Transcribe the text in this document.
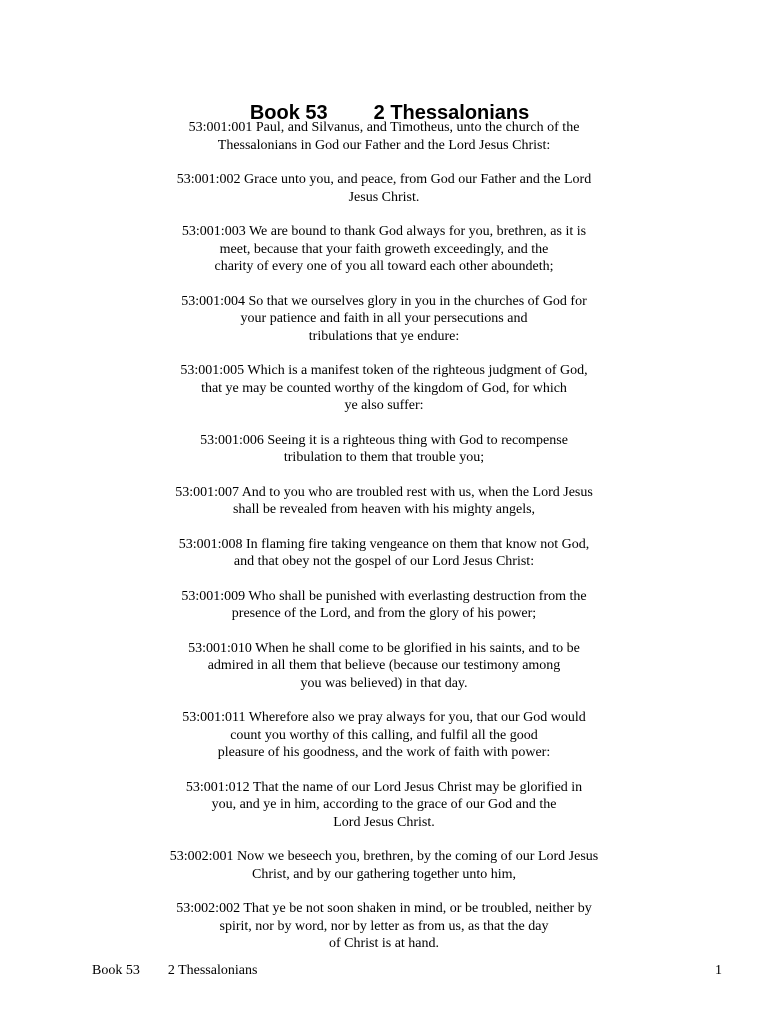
Book 53 2 Thessalonians

53:001:001 Paul, and Silvanus, and Timotheus, unto the church of the

Thessalonians in God our Father and the Lord Jesus Christ:

53:001:002 Grace unto you, and peace, from God our Father and the Lord

Jesus Christ.

53:001:003 We are bound to thank God always for you, brethren, as it is

meet, because that your faith groweth exceedingly, and the

charity of every one of you all toward each other aboundeth;

53:001:004 So that we ourselves glory in you in the churches of God for

your patience and faith in all your persecutions and

tribulations that ye endure:

53:001:005 Which is a manifest token of the righteous judgment of God,

that ye may be counted worthy of the kingdom of God, for which

ye also suffer:

53:001:006 Seeing it is a righteous thing with God to recompense

tribulation to them that trouble you;

53:001:007 And to you who are troubled rest with us, when the Lord Jesus

shall be revealed from heaven with his mighty angels,

53:001:008 In flaming fire taking vengeance on them that know not God,

and that obey not the gospel of our Lord Jesus Christ:

53:001:009 Who shall be punished with everlasting destruction from the

presence of the Lord, and from the glory of his power;

53:001:010 When he shall come to be glorified in his saints, and to be

admired in all them that believe (because our testimony among

you was believed) in that day.

53:001:011 Wherefore also we pray always for you, that our God would

count you worthy of this calling, and fulfil all the good

pleasure of his goodness, and the work of faith with power:

53:001:012 That the name of our Lord Jesus Christ may be glorified in

you, and ye in him, according to the grace of our God and the

Lord Jesus Christ.

53:002:001 Now we beseech you, brethren, by the coming of our Lord Jesus

Christ, and by our gathering together unto him,

53:002:002 That ye be not soon shaken in mind, or be troubled, neither by

spirit, nor by word, nor by letter as from us, as that the day

of Christ is at hand.

Book 53 2 Thessalonians	1
